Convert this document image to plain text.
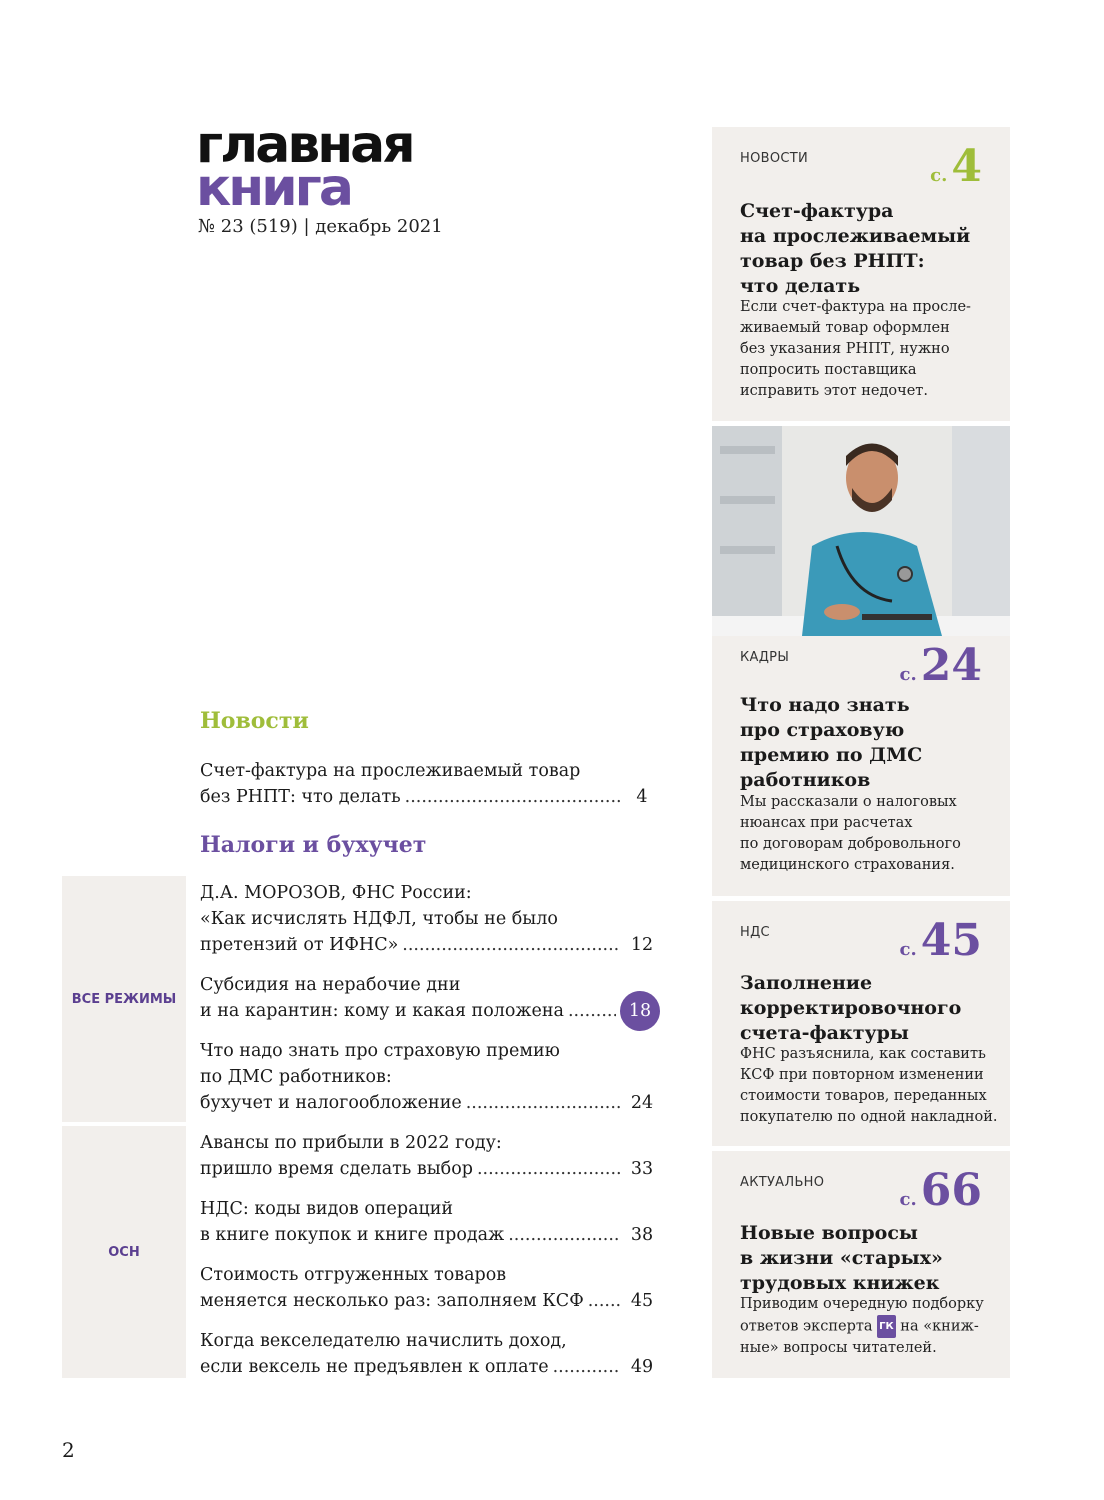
главная
книга
№ 23 (519) | декабрь 2021
Новости
Налоги и бухучет
ВСЕ РЕЖИМЫ
ОСН
Счет-фактура на прослеживаемый товар
без РНПТ: что делать .....	4
Д.А. МОРОЗОВ, ФНС России:
«Как исчислять НДФЛ, чтобы не было
претензий от ИФНС» .....	12
Субсидия на нерабочие дни
и на карантин: кому и какая положена .....	18
Что надо знать про страховую премию
по ДМС работников:
бухучет и налогообложение .....	24
Авансы по прибыли в 2022 году:
пришло время сделать выбор .....	33
НДС: коды видов операций
в книге покупок и книге продаж .....	38
Стоимость отгруженных товаров
меняется несколько раз: заполняем КСФ .....	45
Когда векселедателю начислить доход,
если вексель не предъявлен к оплате .....	49
НОВОСТИ
с.4
Счет-фактура
на прослеживаемый
товар без РНПТ:
что делать
Если счет-фактура на просле-
живаемый товар оформлен
без указания РНПТ, нужно
попросить поставщика
исправить этот недочет.
КАДРЫ
с.24
Что надо знать
про страховую
премию по ДМС
работников
Мы рассказали о налоговых
нюансах при расчетах
по договорам добровольного
медицинского страхования.
НДС
с.45
Заполнение
корректировочного
счета-фактуры
ФНС разъяснила, как составить
КСФ при повторном изменении
стоимости товаров, переданных
покупателю по одной накладной.
АКТУАЛЬНО
с.66
Новые вопросы
в жизни «старых»
трудовых книжек
Приводим очередную подборку
ответов эксперта ГК на «книж-
ные» вопросы читателей.
2
